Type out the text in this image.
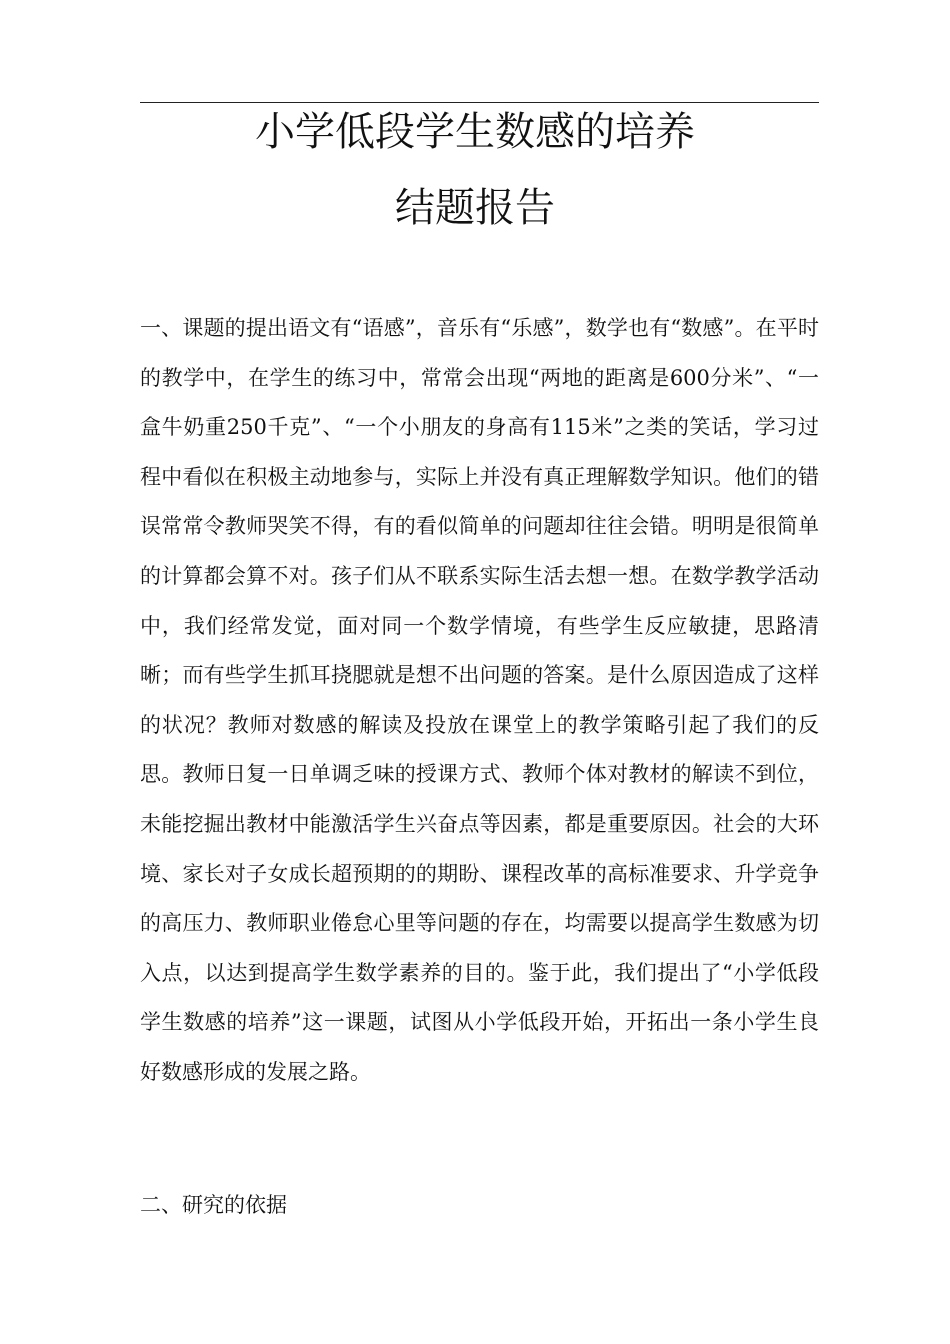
小学低段学生数感的培养
结题报告

一、课题的提出语文有“语感”，音乐有“乐感”，数学也有“数感”。在平时的教学中，在学生的练习中，常常会出现“两地的距离是600分米”、“一盒牛奶重250千克”、“一个小朋友的身高有115米”之类的笑话，学习过程中看似在积极主动地参与，实际上并没有真正理解数学知识。他们的错误常常令教师哭笑不得，有的看似简单的问题却往往会错。明明是很简单的计算都会算不对。孩子们从不联系实际生活去想一想。在数学教学活动中，我们经常发觉，面对同一个数学情境，有些学生反应敏捷，思路清晰；而有些学生抓耳挠腮就是想不出问题的答案。是什么原因造成了这样的状况？教师对数感的解读及投放在课堂上的教学策略引起了我们的反思。教师日复一日单调乏味的授课方式、教师个体对教材的解读不到位，未能挖掘出教材中能激活学生兴奋点等因素，都是重要原因。社会的大环境、家长对子女成长超预期的的期盼、课程改革的高标准要求、升学竞争的高压力、教师职业倦怠心里等问题的存在，均需要以提高学生数感为切入点，以达到提高学生数学素养的目的。鉴于此，我们提出了“小学低段学生数感的培养”这一课题，试图从小学低段开始，开拓出一条小学生良好数感形成的发展之路。

二、研究的依据
